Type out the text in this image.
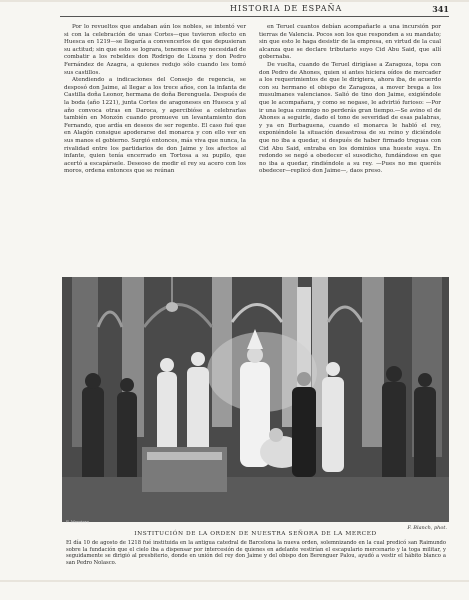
HISTORIA DE ESPAÑA	341

Por lo revueltos que andaban aún los nobles, se intentó ver si con la celebración de unas Cortes—que tuvieron efecto en Huesca en 1219—se llegaría a convencerlos de que depusieran su actitud; sin que esto se lograra, tenemos el rey necesidad de combatir a los rebeldes don Rodrigo de Lizana y don Pedro Fernández de Azagra, a quienes redujo sólo cuando les tomó sus castillos.

Atendiendo a indicaciones del Consejo de regencia, se desposó don Jaime, al llegar a los trece años, con la infanta de Castilla doña Leonor, hermana de doña Berenguela. Después de la boda (año 1221), junta Cortes de aragoneses en Huesca y al año convoca otras en Daroca, y apercibióse a celebrarlas también en Monzón cuando promueve un levantamiento don Fernando, que ardía en deseos de ser regente. El caso fué que en Alagón consigue apoderarse del monarca y con ello ver en sus manos el gobierno. Surgió entonces, más viva que nunca, la rivalidad entre los partidarios de don Jaime y los afectos al infante, quien tenía encerrado en Tortosa a su pupilo, que acertó a escapársele. Deseoso de medir el rey su acero con los moros, ordena entonces que se reúnan

en Teruel cuantos debían acompañarle a una incursión por tierras de Valencia. Pocos son los que responden a su mandato; sin que esto le haga desistir de la empresa, en virtud de la cual alcanza que se declare tributario suyo Cid Abu Said, que allí gobernaba.

De vuelta, cuando de Teruel dirigíase a Zaragoza, topa con don Pedro de Ahones, quien si antes hiciera oídos de mercader a los requerimientos de que le dirigiera, ahora iba, de acuerdo con su hermano el obispo de Zaragoza, a mover brega a los musulmanes valencianos. Salió de tino don Jaime, exigiéndole que le acompañara, y como se negase, le advirtió furioso: —Por ir una legua conmigo no perderás gran tiempo.—Se avino el de Ahones a seguirle, dado el tono de severidad de esas palabras, y ya en Burbaguena, cuando el monarca le habló el rey, exponiéndole la situación desastrosa de su reino y diciéndole que no iba a quedar, si después de haber firmado treguas con Cid Abu Said, entraba en los dominios una hueste suya. En redondo se negó a obedecer el susodicho, fundándose en que no iba a quedar, rindiéndole a su rey. —Pues no me queréis obedecer—replicó don Jaime—, daos preso.

F. Masriera
F. Blanch, phot.
INSTITUCIÓN DE LA ORDEN DE NUESTRA SEÑORA DE LA MERCED
El día 10 de agosto de 1218 fué instituida en la antigua catedral de Barcelona la nueva orden, solemnizando en la cual predicó san Raimundo sobre la fundación que el cielo iba a dispensar por intercesión de quienes en adelante vestirían el escapulario mercenario y la toga militar, y seguidamente se dirigió al presbiterio, donde en unión del rey don Jaime y del obispo don Berenguer Palou, ayudó a vestir el hábito blanco a san Pedro Nolasco.
